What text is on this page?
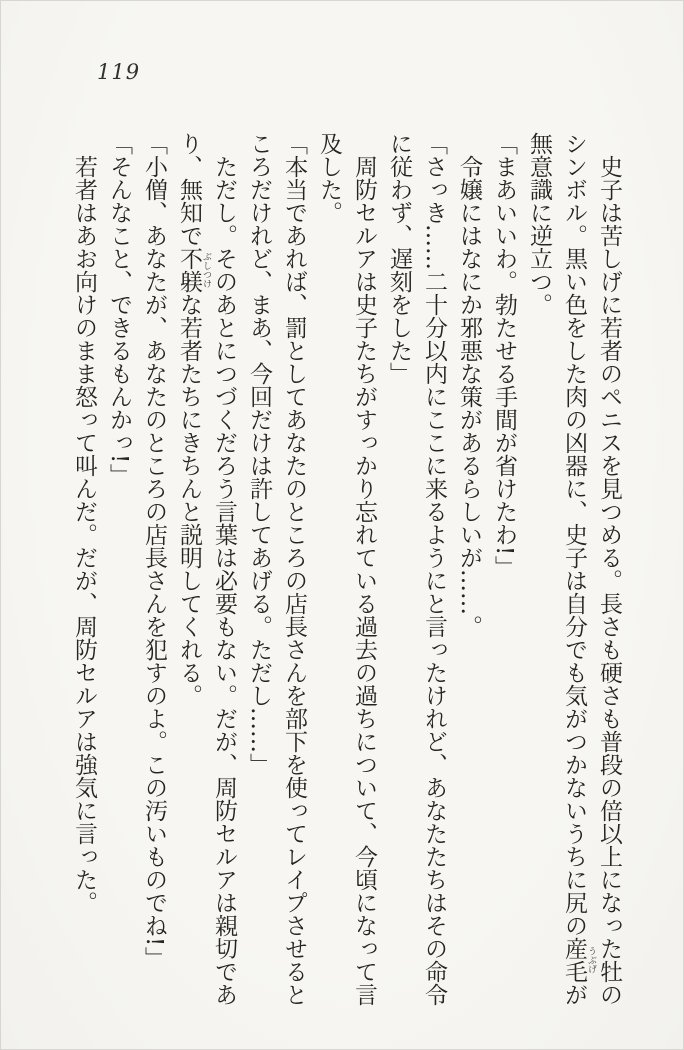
119

史子は苦しげに若者のペニスを見つめる。長さも硬さも普段の倍以上になった牡のシンボル。黒い色をした肉の凶器に、史子は自分でも気がつかないうちに尻の産毛 うぶげが無意識に逆立つ。

「まあいいわ。勃たせる手間が省けたわ!」

令嬢にはなにか邪悪な策があるらしいが……。

「さっき……二十分以内にここに来るようにと言ったけれど、あなたたちはその命令に従わず、遅刻をした」

周防セルアは史子たちがすっかり忘れている過去の過ちについて、今頃になって言及した。

「本当であれば、罰としてあなたのところの店長さんを部下を使ってレイプさせるところだけれど、まあ、今回だけは許してあげる。ただし……」

ただし。そのあとにつづくだろう言葉は必要もない。だが、周防セルアは親切であり、無知で不躾 ぶしつけな若者たちにきちんと説明してくれる。

「小僧、あなたが、あなたのところの店長さんを犯すのよ。この汚いものでね!」

「そんなこと、できるもんかっ!」

若者はあお向けのまま怒って叫んだ。だが、周防セルアは強気に言った。
